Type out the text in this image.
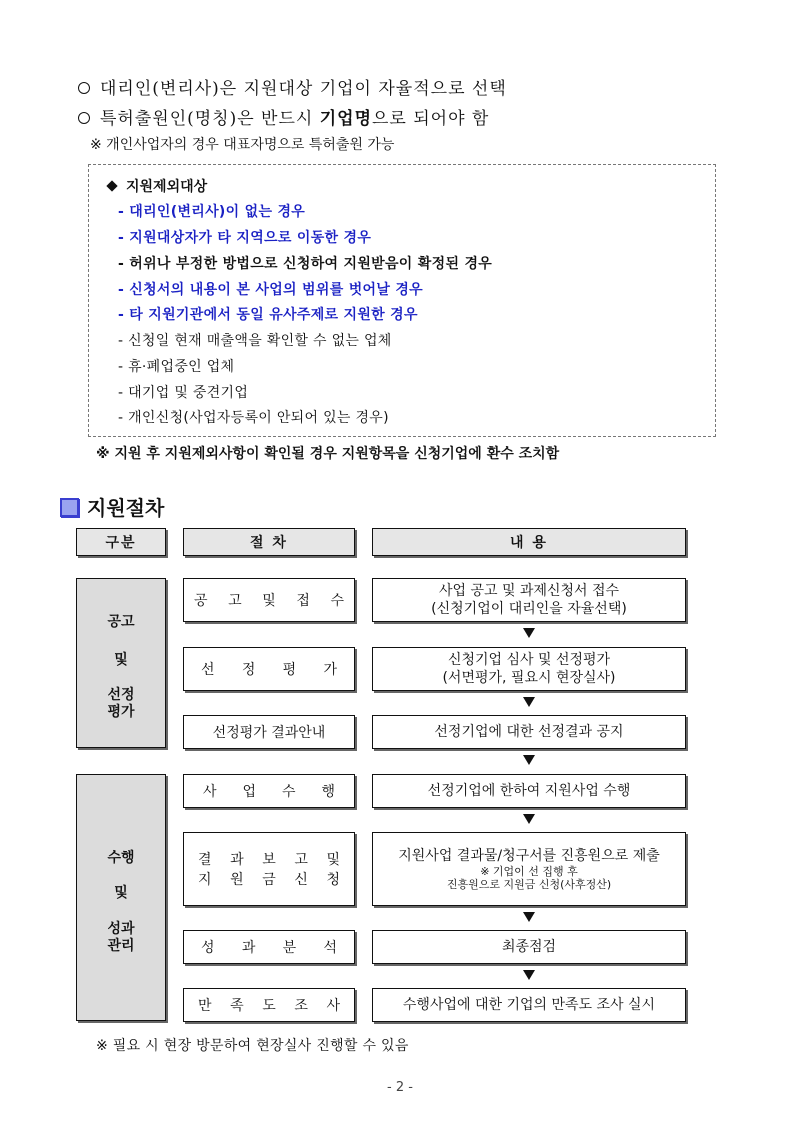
대리인(변리사)은 지원대상 기업이 자율적으로 선택
특허출원인(명칭)은 반드시 기업명으로 되어야 함
※ 개인사업자의 경우 대표자명으로 특허출원 가능
지원제외대상
- 대리인(변리사)이 없는 경우
- 지원대상자가 타 지역으로 이동한 경우
- 허위나 부정한 방법으로 신청하여 지원받음이 확정된 경우
- 신청서의 내용이 본 사업의 범위를 벗어날 경우
- 타 지원기관에서 동일 유사주제로 지원한 경우
- 신청일 현재 매출액을 확인할 수 없는 업체
- 휴·폐업중인 업체
- 대기업 및 중견기업
- 개인신청(사업자등록이 안되어 있는 경우)
※ 지원 후 지원제외사항이 확인될 경우 지원항목을 신청기업에 환수 조치함
지원절차
구분	절 차	내 용
공고
및
선정
평가
수행
및
성과
관리
공 고 및 접 수
선 정 평 가
선정평가 결과안내
사 업 수 행
결 과 보 고 및
지 원 금 신 청
성 과 분 석
만 족 도 조 사
사업 공고 및 과제신청서 접수
(신청기업이 대리인을 자율선택)
신청기업 심사 및 선정평가
(서면평가, 필요시 현장실사)
선정기업에 대한 선정결과 공지
선정기업에 한하여 지원사업 수행
지원사업 결과물/청구서를 진흥원으로 제출
※ 기업이 선 집행 후
진흥원으로 지원금 신청(사후정산)
최종점검
수행사업에 대한 기업의 만족도 조사 실시
※ 필요 시 현장 방문하여 현장실사 진행할 수 있음
- 2 -
